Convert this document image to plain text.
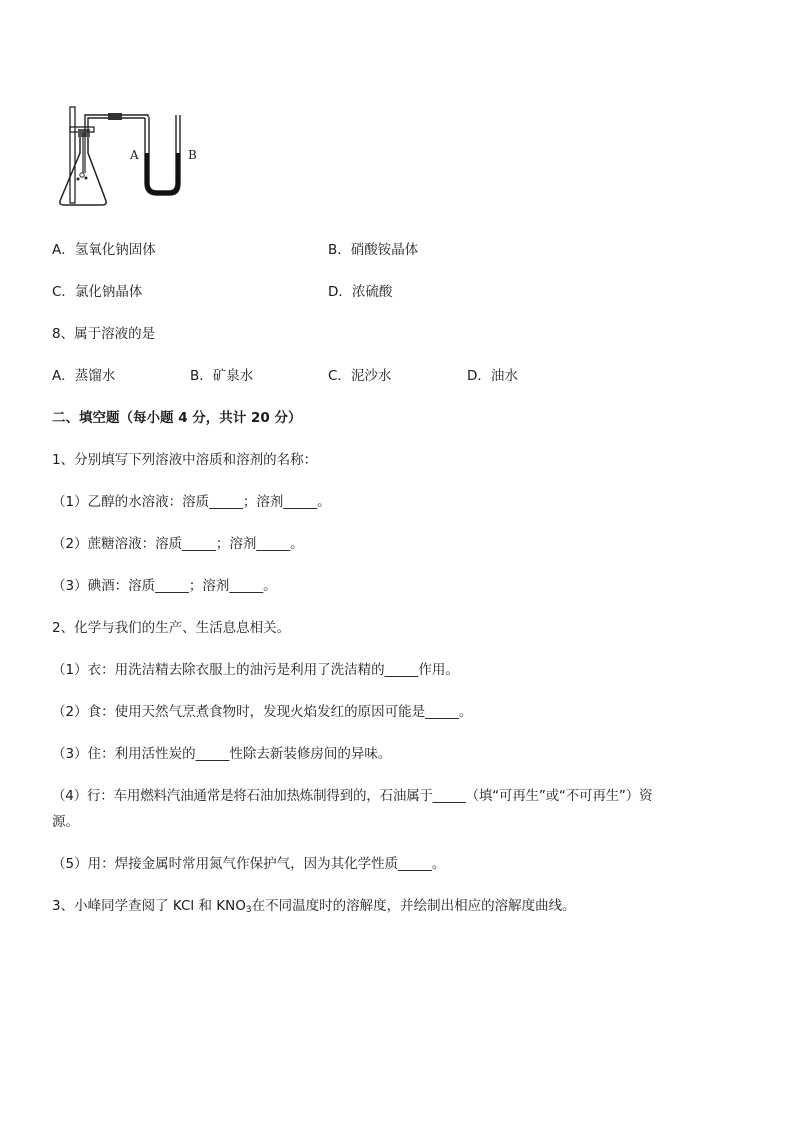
A	B
A．氢氧化钠固体	B．硝酸铵晶体
C．氯化钠晶体	D．浓硫酸
8、属于溶液的是
A．蒸馏水	B．矿泉水	C．泥沙水	D．油水
二、填空题（每小题 4 分，共计 20 分）
1、分别填写下列溶液中溶质和溶剂的名称：
（1）乙醇的水溶液：溶质_____；溶剂_____。
（2）蔗糖溶液：溶质_____；溶剂_____。
（3）碘酒：溶质_____；溶剂_____。
2、化学与我们的生产、生活息息相关。
（1）衣：用洗洁精去除衣服上的油污是利用了洗洁精的_____作用。
（2）食：使用天然气烹煮食物时，发现火焰发红的原因可能是_____。
（3）住：利用活性炭的_____性除去新装修房间的异味。
（4）行：车用燃料汽油通常是将石油加热炼制得到的，石油属于_____（填“可再生”或“不可再生”）资
源。
（5）用：焊接金属时常用氮气作保护气，因为其化学性质_____。
3、小峰同学查阅了 KCl 和 $KNO_3$在不同温度时的溶解度，并绘制出相应的溶解度曲线。
